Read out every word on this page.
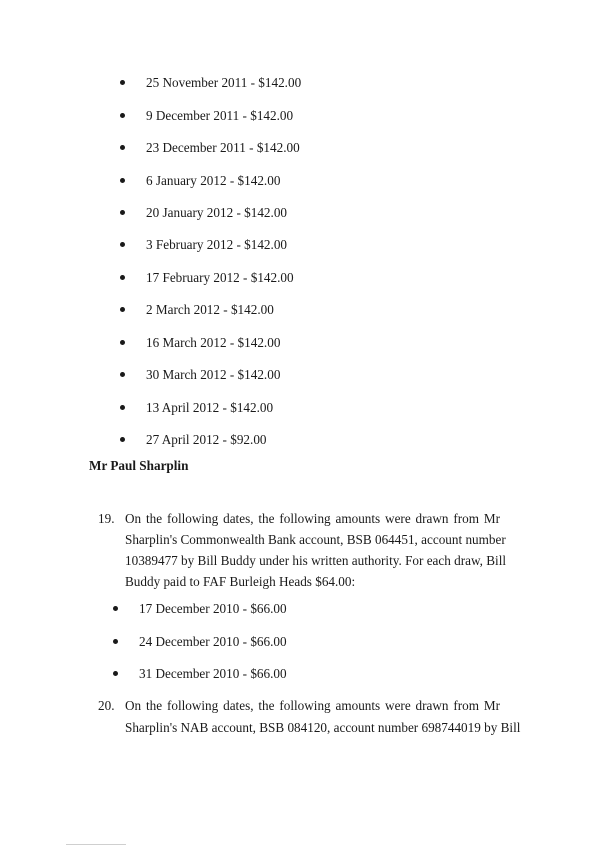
25 November 2011 - $142.00
9 December 2011 - $142.00
23 December 2011 - $142.00
6 January 2012 - $142.00
20 January 2012 - $142.00
3 February 2012 - $142.00
17 February 2012 - $142.00
2 March 2012 - $142.00
16 March 2012 - $142.00
30 March 2012 - $142.00
13 April 2012 - $142.00
27 April 2012 - $92.00
Mr Paul Sharplin
19. On the following dates, the following amounts were drawn from Mr
Sharplin's Commonwealth Bank account, BSB 064451, account number
10389477 by Bill Buddy under his written authority. For each draw, Bill
Buddy paid to FAF Burleigh Heads $64.00:
17 December 2010 - $66.00
24 December 2010 - $66.00
31 December 2010 - $66.00
20. On the following dates, the following amounts were drawn from Mr
Sharplin's NAB account, BSB 084120, account number 698744019 by Bill
